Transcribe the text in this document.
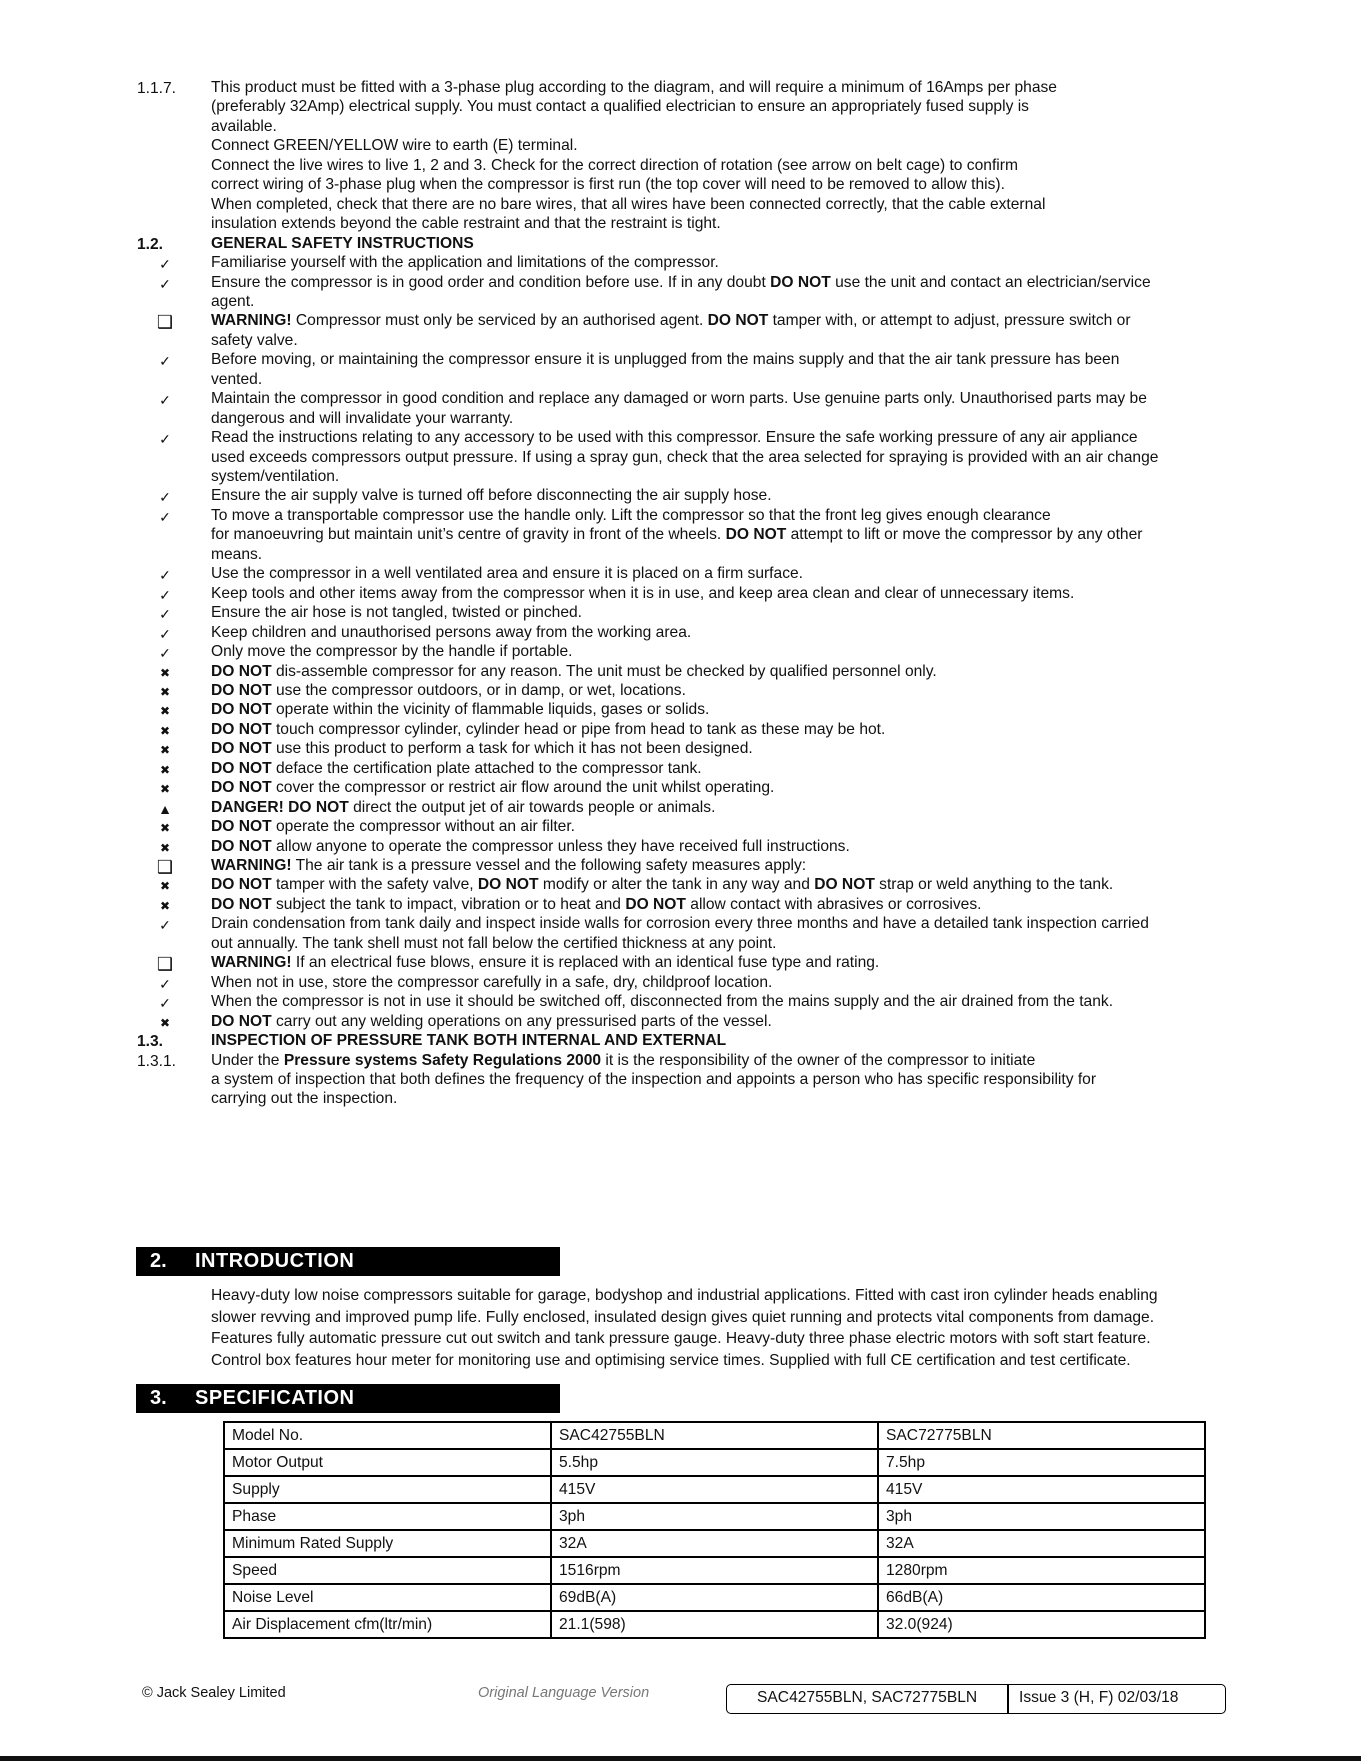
1.1.7.	This product must be fitted with a 3-phase plug according to the diagram, and will require a minimum of 16Amps per phase
(preferably 32Amp) electrical supply. You must contact a qualified electrician to ensure an appropriately fused supply is
available.
Connect GREEN/YELLOW wire to earth (E) terminal.
Connect the live wires to live 1, 2 and 3. Check for the correct direction of rotation (see arrow on belt cage) to confirm
correct wiring of 3-phase plug when the compressor is first run (the top cover will need to be removed to allow this).
When completed, check that there are no bare wires, that all wires have been connected correctly, that the cable external
insulation extends beyond the cable restraint and that the restraint is tight.
1.2.	GENERAL SAFETY INSTRUCTIONS
✓	Familiarise yourself with the application and limitations of the compressor.
✓	Ensure the compressor is in good order and condition before use. If in any doubt DO NOT use the unit and contact an electrician/service
agent.
❑	WARNING! Compressor must only be serviced by an authorised agent. DO NOT tamper with, or attempt to adjust, pressure switch or
safety valve.
✓	Before moving, or maintaining the compressor ensure it is unplugged from the mains supply and that the air tank pressure has been
vented.
✓	Maintain the compressor in good condition and replace any damaged or worn parts. Use genuine parts only. Unauthorised parts may be
dangerous and will invalidate your warranty.
✓	Read the instructions relating to any accessory to be used with this compressor. Ensure the safe working pressure of any air appliance
used exceeds compressors output pressure. If using a spray gun, check that the area selected for spraying is provided with an air change
system/ventilation.
✓	Ensure the air supply valve is turned off before disconnecting the air supply hose.
✓	To move a transportable compressor use the handle only. Lift the compressor so that the front leg gives enough clearance
for manoeuvring but maintain unit’s centre of gravity in front of the wheels. DO NOT attempt to lift or move the compressor by any other
means.
✓	Use the compressor in a well ventilated area and ensure it is placed on a firm surface.
✓	Keep tools and other items away from the compressor when it is in use, and keep area clean and clear of unnecessary items.
✓	Ensure the air hose is not tangled, twisted or pinched.
✓	Keep children and unauthorised persons away from the working area.
✓	Only move the compressor by the handle if portable.
✖	DO NOT dis-assemble compressor for any reason. The unit must be checked by qualified personnel only.
✖	DO NOT use the compressor outdoors, or in damp, or wet, locations.
✖	DO NOT operate within the vicinity of flammable liquids, gases or solids.
✖	DO NOT touch compressor cylinder, cylinder head or pipe from head to tank as these may be hot.
✖	DO NOT use this product to perform a task for which it has not been designed.
✖	DO NOT deface the certification plate attached to the compressor tank.
✖	DO NOT cover the compressor or restrict air flow around the unit whilst operating.
▲	DANGER! DO NOT direct the output jet of air towards people or animals.
✖	DO NOT operate the compressor without an air filter.
✖	DO NOT allow anyone to operate the compressor unless they have received full instructions.
❑	WARNING! The air tank is a pressure vessel and the following safety measures apply:
✖	DO NOT tamper with the safety valve, DO NOT modify or alter the tank in any way and DO NOT strap or weld anything to the tank.
✖	DO NOT subject the tank to impact, vibration or to heat and DO NOT allow contact with abrasives or corrosives.
✓	Drain condensation from tank daily and inspect inside walls for corrosion every three months and have a detailed tank inspection carried
out annually. The tank shell must not fall below the certified thickness at any point.
❑	WARNING! If an electrical fuse blows, ensure it is replaced with an identical fuse type and rating.
✓	When not in use, store the compressor carefully in a safe, dry, childproof location.
✓	When the compressor is not in use it should be switched off, disconnected from the mains supply and the air drained from the tank.
✖	DO NOT carry out any welding operations on any pressurised parts of the vessel.
1.3.	INSPECTION OF PRESSURE TANK BOTH INTERNAL AND EXTERNAL
1.3.1.	Under the Pressure systems Safety Regulations 2000 it is the responsibility of the owner of the compressor to initiate
a system of inspection that both defines the frequency of the inspection and appoints a person who has specific responsibility for
carrying out the inspection.
2. INTRODUCTION
Heavy-duty low noise compressors suitable for garage, bodyshop and industrial applications. Fitted with cast iron cylinder heads enabling
slower revving and improved pump life. Fully enclosed, insulated design gives quiet running and protects vital components from damage.
Features fully automatic pressure cut out switch and tank pressure gauge. Heavy-duty three phase electric motors with soft start feature.
Control box features hour meter for monitoring use and optimising service times. Supplied with full CE certification and test certificate.
3. SPECIFICATION
Model No.	SAC42755BLN	SAC72775BLN
Motor Output	5.5hp	7.5hp
Supply	415V	415V
Phase	3ph	3ph
Minimum Rated Supply	32A	32A
Speed	1516rpm	1280rpm
Noise Level	69dB(A)	66dB(A)
Air Displacement cfm(ltr/min)	21.1(598)	32.0(924)
© Jack Sealey Limited	Original Language Version	SAC42755BLN, SAC72775BLN	Issue 3 (H, F) 02/03/18
